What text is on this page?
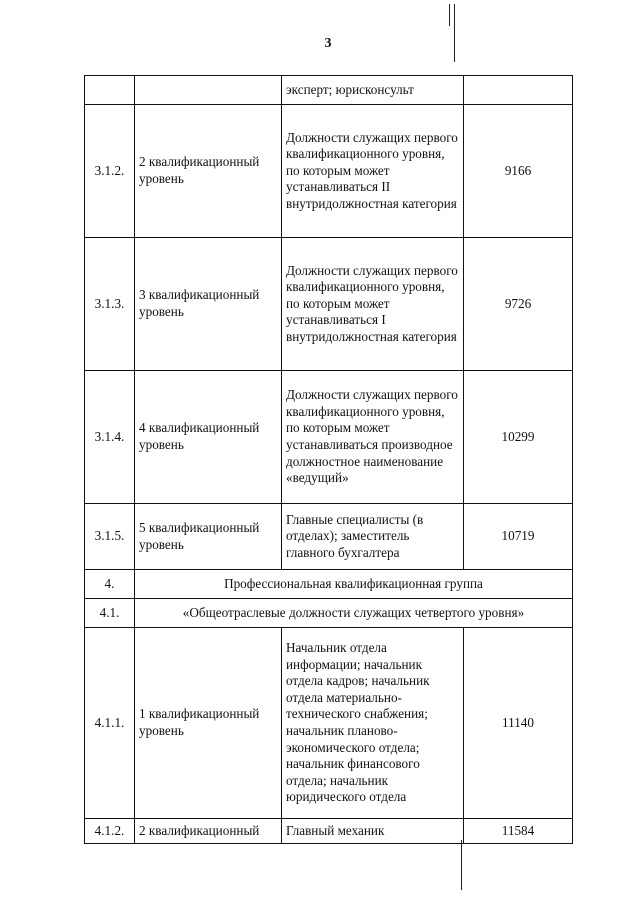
3
		эксперт; юрисконсульт	
3.1.2.	2 квалификационный уровень	Должности служащих первого квалификационного уровня, по которым может устанавливаться II внутридолжностная категория	9166
3.1.3.	3 квалификационный уровень	Должности служащих первого квалификационного уровня, по которым может устанавливаться I внутридолжностная категория	9726
3.1.4.	4 квалификационный уровень	Должности служащих первого квалификационного уровня, по которым может устанавливаться производное должностное наименование «ведущий»	10299
3.1.5.	5 квалификационный уровень	Главные специалисты (в отделах); заместитель главного бухгалтера	10719
4.	Профессиональная квалификационная группа		
4.1.	«Общеотраслевые должности служащих четвертого уровня»		
4.1.1.	1 квалификационный уровень	Начальник отдела информации; начальник отдела кадров; начальник отдела материально-технического снабжения; начальник планово-экономического отдела; начальник финансового отдела; начальник юридического отдела	11140
4.1.2.	2 квалификационный	Главный механик	11584
